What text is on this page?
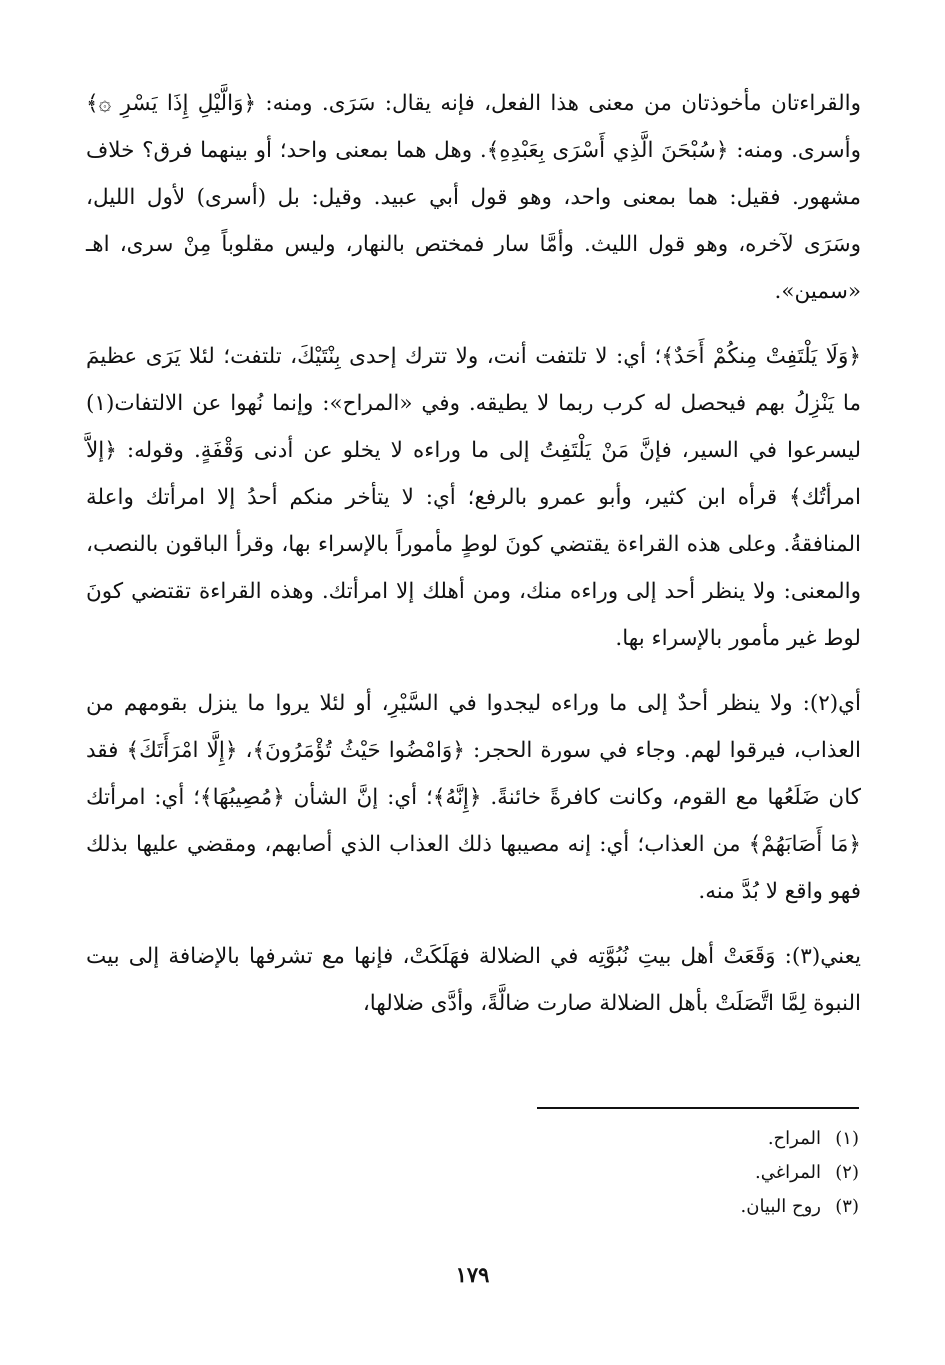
والقراءتان مأخوذتان من معنى هذا الفعل، فإنه يقال: سَرَى. ومنه: ﴿وَالَّيْلِ إِذَا يَسْرِ ۞﴾ وأسرى. ومنه: ﴿سُبْحَنَ الَّذِي أَسْرَى بِعَبْدِهِ﴾. وهل هما بمعنى واحد؛ أو بينهما فرق؟ خلاف مشهور. فقيل: هما بمعنى واحد، وهو قول أبي عبيد. وقيل: بل (أسرى) لأول الليل، وسَرَى لآخره، وهو قول الليث. وأمَّا سار فمختص بالنهار، وليس مقلوباً مِنْ سرى، اهـ «سمين».

﴿وَلَا يَلْتَفِتْ مِنكُمْ أَحَدٌ﴾؛ أي: لا تلتفت أنت، ولا تترك إحدى بِنْتَيْكَ، تلتفت؛ لئلا يَرَى عظيمَ ما يَنْزِلُ بهم فيحصل له كرب ربما لا يطيقه. وفي «المراح»: وإنما نُهوا عن الالتفات(١) ليسرعوا في السير، فإنَّ مَنْ يَلْتَفِتُ إلى ما وراءه لا يخلو عن أدنى وَقْفَةٍ. وقوله: ﴿إلاَّ امرأتُك﴾ قرأه ابن كثير، وأبو عمرو بالرفع؛ أي: لا يتأخر منكم أحدُ إلا امرأتك واعلة المنافقةُ. وعلى هذه القراءة يقتضي كونَ لوطٍ مأموراً بالإسراء بها، وقرأ الباقون بالنصب، والمعنى: ولا ينظر أحد إلى وراءه منك، ومن أهلك إلا امرأتك. وهذه القراءة تقتضي كونَ لوط غير مأمور بالإسراء بها.

أي(٢): ولا ينظر أحدٌ إلى ما وراءه ليجدوا في السَّيْرِ، أو لئلا يروا ما ينزل بقومهم من العذاب، فيرقوا لهم. وجاء في سورة الحجر: ﴿وَامْضُوا حَيْثُ تُؤْمَرُونَ﴾، ﴿إِلَّا امْرَأَتَكَ﴾ فقد كان ضَلَعُها مع القوم، وكانت كافرةً خائنةً. ﴿إِنَّهُ﴾؛ أي: إنَّ الشأن ﴿مُصِيبُهَا﴾؛ أي: امرأتك ﴿مَا أَصَابَهُمْ﴾ من العذاب؛ أي: إنه مصيبها ذلك العذاب الذي أصابهم، ومقضي عليها بذلك فهو واقع لا بُدَّ منه.

يعني(٣): وَقَعَتْ أهل بيتِ نُبُوَّتِه في الضلالة فهَلَكَتْ، فإنها مع تشرفها بالإضافة إلى بيت النبوة لِمَّا اتَّصَلَتْ بأهل الضلالة صارت ضالَّةً، وأدَّى ضلالها،

(١)
المراح.
(٢)
المراغي.
(٣)
روح البيان.
١٧٩
